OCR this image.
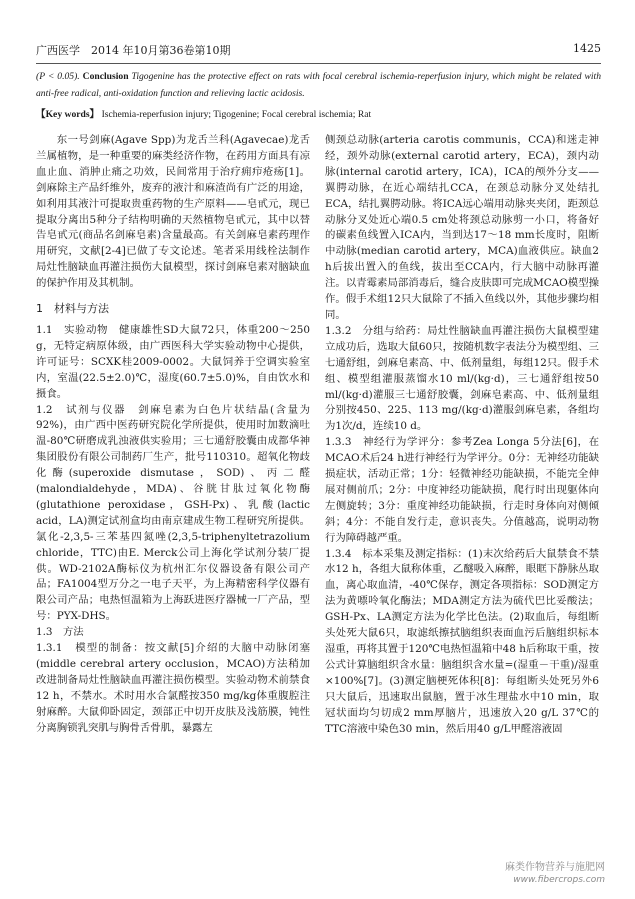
广西医学　2014 年10月第36卷第10期	1425
(P < 0.05). Conclusion Tigogenine has the protective effect on rats with focal cerebral ischemia-reperfusion injury, which might be related with anti-free radical, anti-oxidation function and relieving lactic acidosis.
【Key words】 Ischemia-reperfusion injury; Tigogenine; Focal cerebral ischemia; Rat

东一号剑麻(Agave Spp)为龙舌兰科(Agavecae)龙舌兰属植物，是一种重要的麻类经济作物，在药用方面具有凉血止血、消肿止痛之功效，民间常用于治疗痈疖疮疡[1]。剑麻除主产品纤维外，废弃的液汁和麻渣尚有广泛的用途，如利用其液汁可提取贵重药物的生产原料——皂甙元，现已提取分离出5种分子结构明确的天然植物皂甙元，其中以替告皂甙元(商品名剑麻皂素)含量最高。有关剑麻皂素药理作用研究，文献[2-4]已做了专文论述。笔者采用线栓法制作局灶性脑缺血再灌注损伤大鼠模型，探讨剑麻皂素对脑缺血的保护作用及其机制。

1　材料与方法

1.1　实验动物　 健康雄性SD大鼠72只，体重200～250 g，无特定病原体级，由广西医科大学实验动物中心提供，许可证号：SCXK桂2009-0002。大鼠饲养于空调实验室内，室温(22.5±2.0)℃，湿度(60.7±5.0)%，自由饮水和摄食。

1.2　试剂与仪器　 剑麻皂素为白色片状结晶(含量为92%)，由广西中医药研究院化学所提供，使用时加数滴吐温-80℃研磨成乳浊液供实验用；三七通舒胶囊由成都华神集团股份有限公司制药厂生产，批号110310。超氧化物歧化酶(superoxide dismutase，SOD)、丙二醛(malondialdehyde，MDA)、谷胱甘肽过氧化物酶(glutathione peroxidase，GSH-Px)、乳酸(lactic acid，LA)测定试剂盒均由南京建成生物工程研究所提供。氯化-2,3,5-三苯基四氮唑(2,3,5-triphenyltetrazolium chloride，TTC)由E. Merck公司上海化学试剂分装厂提供。WD-2102A酶标仪为杭州汇尔仪器设备有限公司产品；FA1004型万分之一电子天平，为上海精密科学仪器有限公司产品；电热恒温箱为上海跃进医疗器械一厂产品，型号：PYX-DHS。

1.3　方法

1.3.1　模型的制备：按文献[5]介绍的大脑中动脉闭塞(middle cerebral artery occlusion，MCAO)方法稍加改进制备局灶性脑缺血再灌注损伤模型。实验动物术前禁食12 h，不禁水。术时用水合氯醛按350 mg/kg体重腹腔注射麻醉。大鼠仰卧固定，颈部正中切开皮肤及浅筋膜，钝性分离胸锁乳突肌与胸骨舌骨肌，暴露左

侧颈总动脉(arteria carotis communis，CCA)和迷走神经，颈外动脉(external carotid artery，ECA)，颈内动脉(internal carotid artery，ICA)，ICA的颅外分支——翼腭动脉，在近心端结扎CCA，在颈总动脉分叉处结扎ECA，结扎翼腭动脉。将ICA远心端用动脉夹夹闭，距颈总动脉分叉处近心端0.5 cm处将颈总动脉剪一小口，将备好的碳素鱼线置入ICA内，当到达17～18 mm长度时，阻断中动脉(median carotid artery，MCA)血液供应。缺血2 h后拔出置入的鱼线，拔出至CCA内，行大脑中动脉再灌注。以青霉素局部消毒后，缝合皮肤即可完成MCAO模型操作。假手术组12只大鼠除了不插入鱼线以外，其他步骤均相同。

1.3.2　分组与给药：局灶性脑缺血再灌注损伤大鼠模型建立成功后，选取大鼠60只，按随机数字表法分为模型组、三七通舒组，剑麻皂素高、中、低剂量组，每组12只。假手术组、模型组灌服蒸馏水10 ml/(kg·d)，三七通舒组按50 ml/(kg·d)灌服三七通舒胶囊，剑麻皂素高、中、低剂量组分别按450、225、113 mg/(kg·d)灌服剑麻皂素，各组均为1次/d，连续10 d。

1.3.3　神经行为学评分：参考Zea Longa 5分法[6]，在MCAO术后24 h进行神经行为学评分。0分：无神经功能缺损症状，活动正常；1分：轻微神经功能缺损，不能完全伸展对侧前爪；2分：中度神经功能缺损，爬行时出现躯体向左侧旋转；3分：重度神经功能缺损，行走时身体向对侧倾斜；4分：不能自发行走，意识丧失。分值越高，说明动物行为障碍越严重。

1.3.4　标本采集及测定指标：(1)末次给药后大鼠禁食不禁水12 h，各组大鼠称体重，乙醚吸入麻醉，眼眶下静脉丛取血，离心取血清，-40℃保存，测定各项指标：SOD测定方法为黄嘌呤氧化酶法；MDA测定方法为硫代巴比妥酸法；GSH-Px、LA测定方法为化学比色法。(2)取血后，每组断头处死大鼠6只，取滤纸擦拭脑组织表面血污后脑组织标本湿重，再将其置于120℃电热恒温箱中48 h后称取干重，按公式计算脑组织含水量：脑组织含水量=(湿重－干重)/湿重×100%[7]。(3)测定脑梗死体积[8]：每组断头处死另外6只大鼠后，迅速取出鼠脑，置于冰生理盐水中10 min，取冠状面均匀切成2 mm厚脑片，迅速放入20 g/L 37℃的TTC溶液中染色30 min，然后用40 g/L甲醛溶液固

麻类作物营养与施肥网
www.fibercrops.com
